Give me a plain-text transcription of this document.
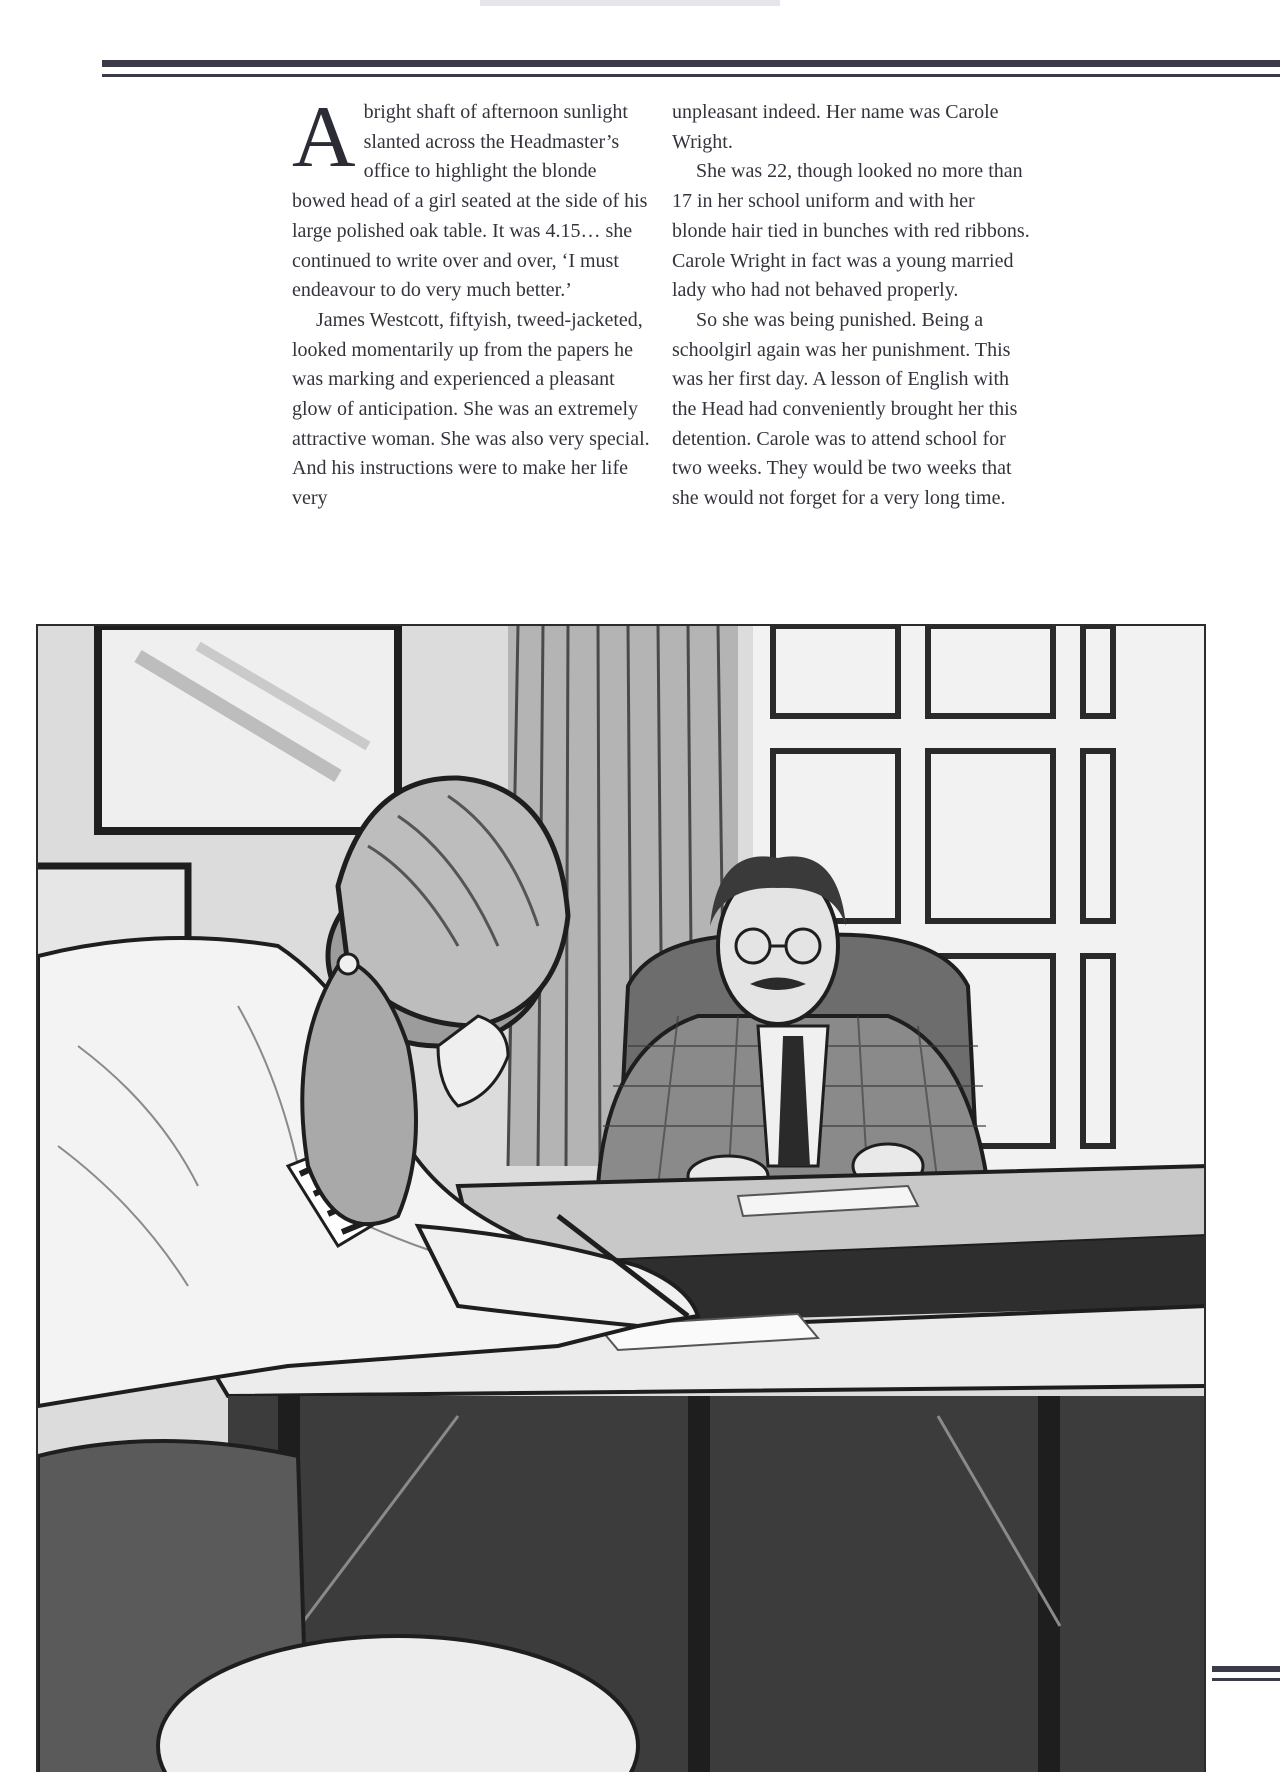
Abright shaft of afternoon sunlight slanted across the Headmaster’s office to highlight the blonde bowed head of a girl seated at the side of his large polished oak table. It was 4.15… she continued to write over and over, ‘I must endeavour to do very much better.’

James Westcott, fiftyish, tweed-jacketed, looked momentarily up from the papers he was marking and experienced a pleasant glow of anticipation. She was an extremely attractive woman. She was also very special. And his instructions were to make her life very

unpleasant indeed. Her name was Carole Wright.

She was 22, though looked no more than 17 in her school uniform and with her blonde hair tied in bunches with red ribbons. Carole Wright in fact was a young married lady who had not behaved properly.

So she was being punished. Being a schoolgirl again was her punishment. This was her first day. A lesson of English with the Head had conveniently brought her this detention. Carole was to attend school for two weeks. They would be two weeks that she would not forget for a very long time.
